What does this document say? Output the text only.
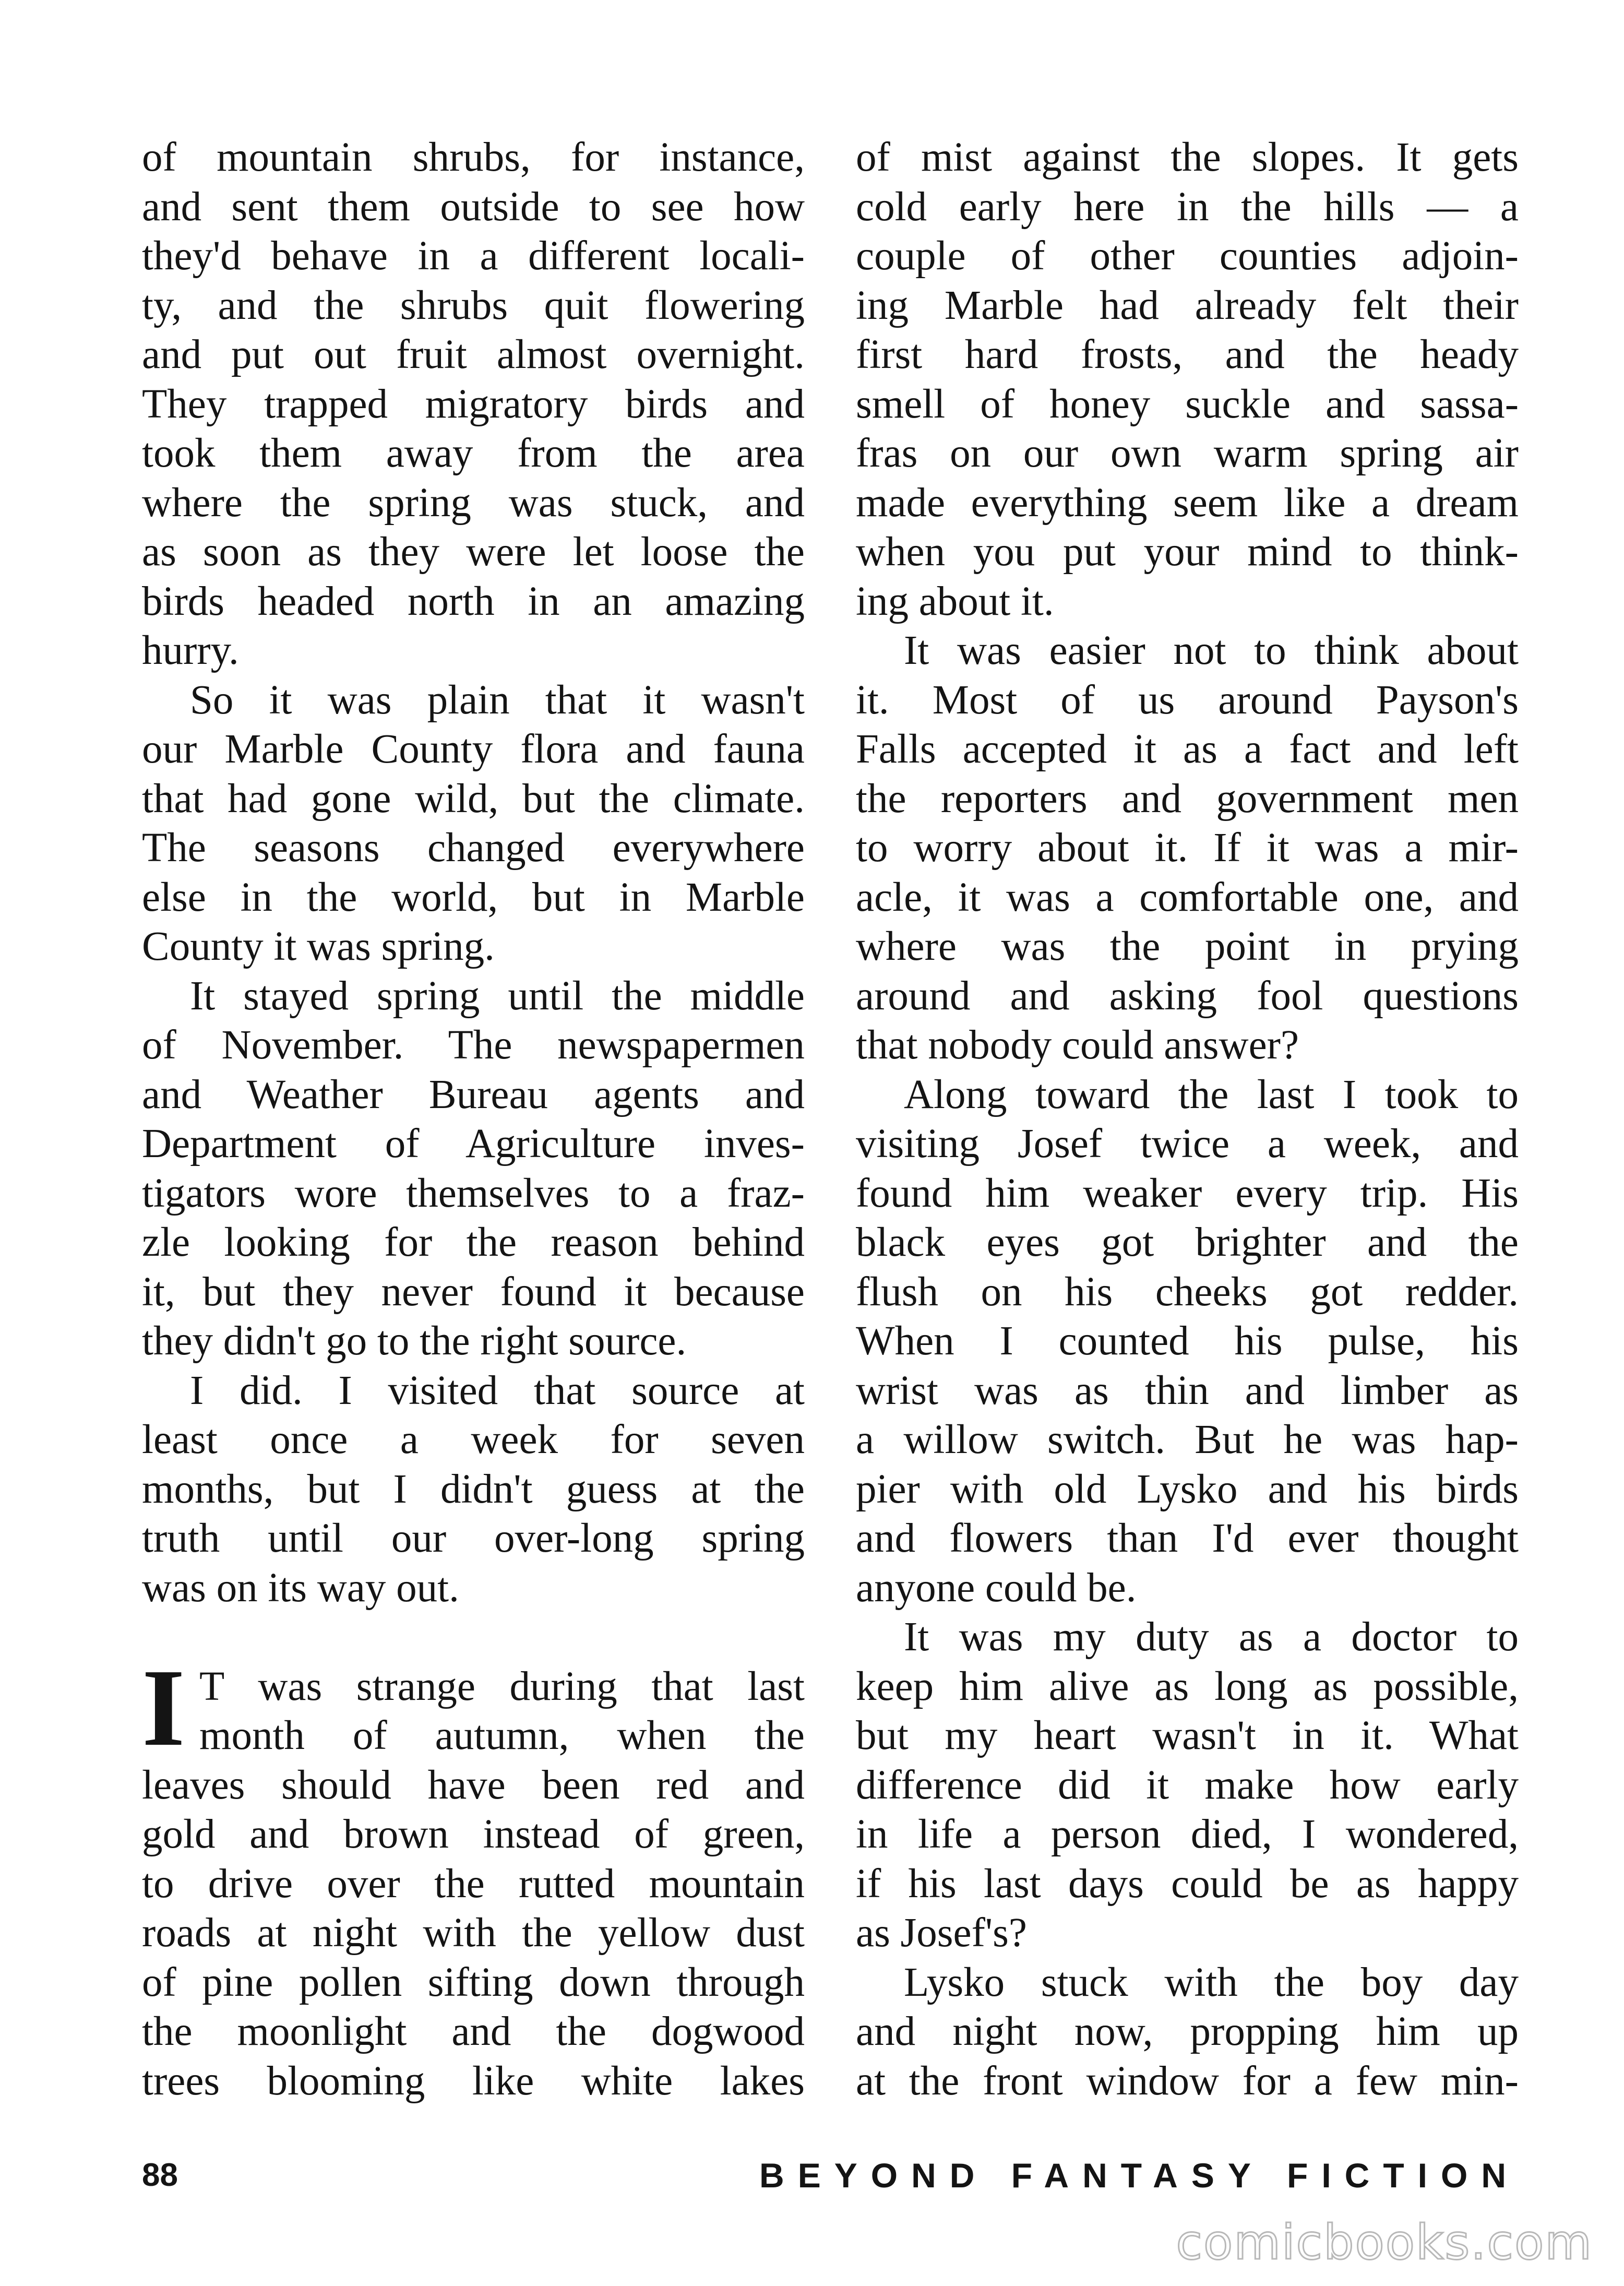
of mountain shrubs, for instance,
and sent them outside to see how
they'd behave in a different locali-
ty, and the shrubs quit flowering
and put out fruit almost overnight.
They trapped migratory birds and
took them away from the area
where the spring was stuck, and
as soon as they were let loose the
birds headed north in an amazing
hurry.
So it was plain that it wasn't
our Marble County flora and fauna
that had gone wild, but the climate.
The seasons changed everywhere
else in the world, but in Marble
County it was spring.
It stayed spring until the middle
of November. The newspapermen
and Weather Bureau agents and
Department of Agriculture inves-
tigators wore themselves to a fraz-
zle looking for the reason behind
it, but they never found it because
they didn't go to the right source.
I did. I visited that source at
least once a week for seven
months, but I didn't guess at the
truth until our over-long spring
was on its way out.
I T was strange during that last
month of autumn, when the
leaves should have been red and
gold and brown instead of green,
to drive over the rutted mountain
roads at night with the yellow dust
of pine pollen sifting down through
the moonlight and the dogwood
trees blooming like white lakes
of mist against the slopes. It gets
cold early here in the hills — a
couple of other counties adjoin-
ing Marble had already felt their
first hard frosts, and the heady
smell of honey suckle and sassa-
fras on our own warm spring air
made everything seem like a dream
when you put your mind to think-
ing about it.
It was easier not to think about
it. Most of us around Payson's
Falls accepted it as a fact and left
the reporters and government men
to worry about it. If it was a mir-
acle, it was a comfortable one, and
where was the point in prying
around and asking fool questions
that nobody could answer?
Along toward the last I took to
visiting Josef twice a week, and
found him weaker every trip. His
black eyes got brighter and the
flush on his cheeks got redder.
When I counted his pulse, his
wrist was as thin and limber as
a willow switch. But he was hap-
pier with old Lysko and his birds
and flowers than I'd ever thought
anyone could be.
It was my duty as a doctor to
keep him alive as long as possible,
but my heart wasn't in it. What
difference did it make how early
in life a person died, I wondered,
if his last days could be as happy
as Josef's?
Lysko stuck with the boy day
and night now, propping him up
at the front window for a few min-
88	BEYOND FANTASY FICTION
comicbooks.com
